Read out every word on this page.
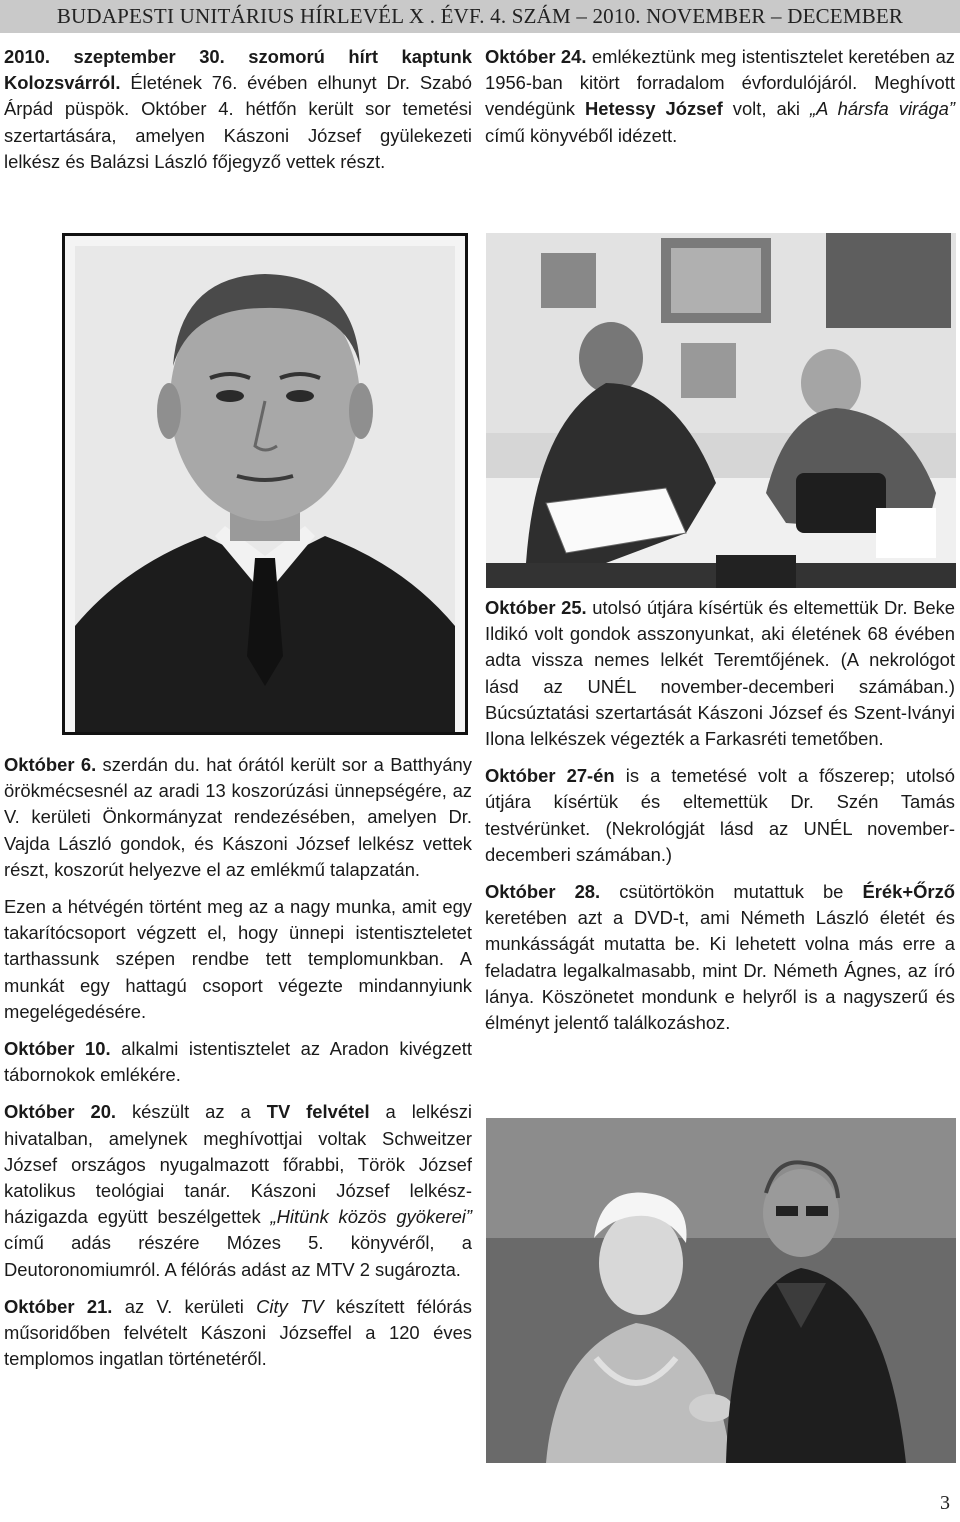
BUDAPESTI UNITÁRIUS HÍRLEVÉL X . ÉVF. 4. SZÁM – 2010. NOVEMBER – DECEMBER

2010. szeptember 30. szomorú hírt kaptunk Kolozsvárról. Életének 76. évében elhunyt Dr. Szabó Árpád püspök. Október 4. hétfőn került sor temetési szertartására, amelyen Kászoni József gyülekezeti lelkész és Balázsi László főjegyző vettek részt.

Október 24. emlékeztünk meg istentisztelet keretében az 1956-ban kitört forradalom évfordulójáról. Meghívott vendégünk Hetessy József volt, aki „A hársfa virága” című könyvéből idézett.

Október 6. szerdán du. hat órától került sor a Batthyány örökmécsesnél az aradi 13 koszorúzási ünnepségére, az V. kerületi Önkormányzat rendezésében, amelyen Dr. Vajda László gondok, és Kászoni József lelkész vettek részt, koszorút helyezve el az emlékmű talapzatán.

Ezen a hétvégén történt meg az a nagy munka, amit egy takarítócsoport végzett el, hogy ünnepi istentiszteletet tarthassunk szépen rendbe tett templomunkban. A munkát egy hattagú csoport végezte mindannyiunk megelégedésére.

Október 10. alkalmi istentisztelet az Aradon kivégzett tábornokok emlékére.

Október 20. készült az a TV felvétel a lelkészi hivatalban, amelynek meghívottjai voltak Schweitzer József országos nyugalmazott főrabbi, Török József katolikus teológiai tanár. Kászoni József lelkész-házigazda együtt beszélgettek „Hitünk közös gyökerei” című adás részére Mózes 5. könyvéről, a Deutoronomiumról. A félórás adást az MTV 2 sugározta.

Október 21. az V. kerületi City TV készített félórás műsoridőben felvételt Kászoni Józseffel a 120 éves templomos ingatlan történetéről.

Október 25. utolsó útjára kísértük és eltemettük Dr. Beke Ildikó volt gondok asszonyunkat, aki életének 68 évében adta vissza nemes lelkét Teremtőjének. (A nekrológot lásd az UNÉL november-decemberi számában.) Búcsúztatási szertartását Kászoni József és Szent-Iványi Ilona lelkészek végezték a Farkasréti temetőben.

Október 27-én is a temetésé volt a főszerep; utolsó útjára kísértük és eltemettük Dr. Szén Tamás testvérünket. (Nekrológját lásd az UNÉL november-decemberi számában.)

Október 28. csütörtökön mutattuk be Érék+Őrző keretében azt a DVD-t, ami Németh László életét és munkásságát mutatta be. Ki lehetett volna más erre a feladatra legalkalmasabb, mint Dr. Németh Ágnes, az író lánya. Köszönetet mondunk e helyről is a nagyszerű és élményt jelentő találkozáshoz.

3
